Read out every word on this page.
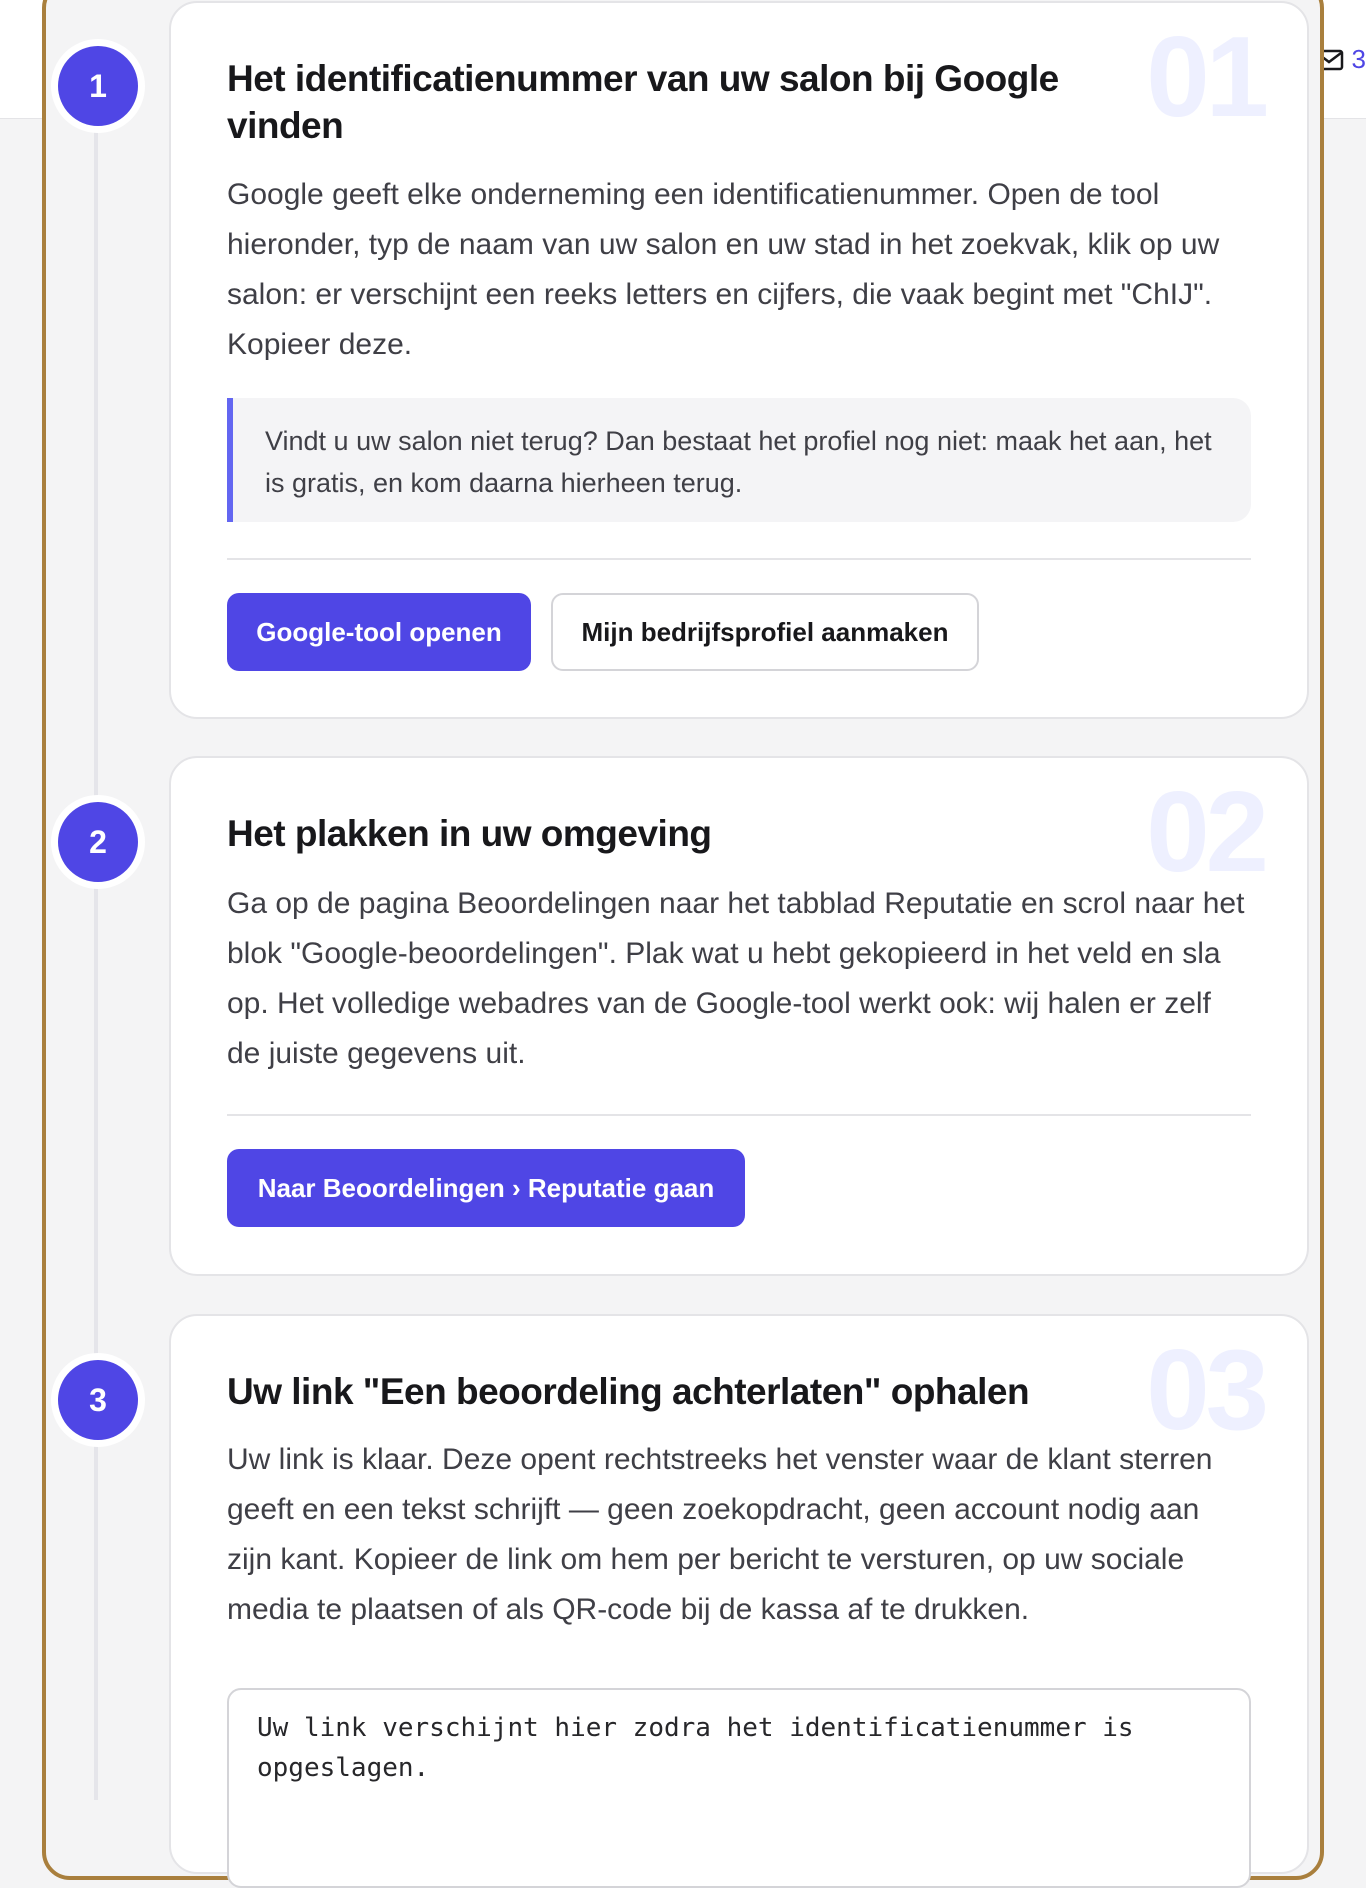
3
1	01
Het identificatienummer van uw salon bij Google vinden
Google geeft elke onderneming een identificatienummer. Open de tool hieronder, typ de naam van uw salon en uw stad in het zoekvak, klik op uw salon: er verschijnt een reeks letters en cijfers, die vaak begint met "ChIJ". Kopieer deze.
Vindt u uw salon niet terug? Dan bestaat het profiel nog niet: maak het aan, het is gratis, en kom daarna hierheen terug.
Google-tool openen	Mijn bedrijfsprofiel aanmaken
2	02
Het plakken in uw omgeving
Ga op de pagina Beoordelingen naar het tabblad Reputatie en scrol naar het blok "Google-beoordelingen". Plak wat u hebt gekopieerd in het veld en sla op. Het volledige webadres van de Google-tool werkt ook: wij halen er zelf de juiste gegevens uit.
Naar Beoordelingen › Reputatie gaan
3	03
Uw link "Een beoordeling achterlaten" ophalen
Uw link is klaar. Deze opent rechtstreeks het venster waar de klant sterren geeft en een tekst schrijft — geen zoekopdracht, geen account nodig aan zijn kant. Kopieer de link om hem per bericht te versturen, op uw sociale media te plaatsen of als QR-code bij de kassa af te drukken.
Uw link verschijnt hier zodra het identificatienummer is opgeslagen.
